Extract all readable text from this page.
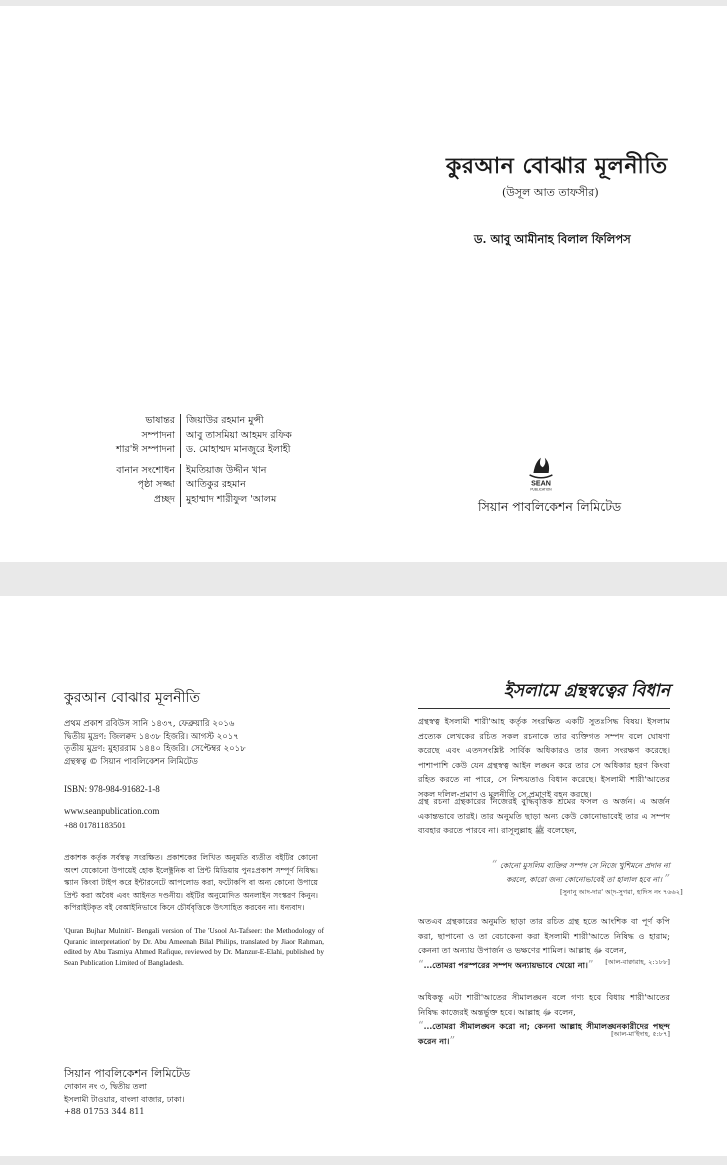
কুরআন বোঝার মূলনীতি
(উসূল আত তাফসীর)
ড. আবু আমীনাহ বিলাল ফিলিপস
ভাষান্তর	জিয়াউর রহমান মুন্সী
সম্পাদনা	আবু তাসমিয়া আহমদ রফিক
শার'ঈ সম্পাদনা	ড. মোহাম্মদ মানজুরে ইলাহী
বানান সংশোধন	ইমতিয়াজ উদ্দীন খান
পৃষ্ঠা সজ্জা	আতিকুর রহমান
প্রচ্ছদ	মুহাম্মাদ শারীফুল 'আলম
SEAN
PUBLICATION
সিয়ান পাবলিকেশন লিমিটেড
কুরআন বোঝার মূলনীতি
প্রথম প্রকাশ রবিউস সানি ১৪৩৭, ফেব্রুয়ারি ২০১৬
দ্বিতীয় মুদ্রণ: জিলক্বদ ১৪৩৮ হিজরি। আগস্ট ২০১৭
তৃতীয় মুদ্রণ: মুহাররাম ১৪৪০ হিজরি। সেপ্টেম্বর ২০১৮
গ্রন্থস্বত্ব © সিয়ান পাবলিকেশন লিমিটেড
ISBN: 978-984-91682-1-8
www.seanpublication.com
+88 01781183501
প্রকাশক কর্তৃক সর্বস্বত্ব সংরক্ষিত। প্রকাশকের লিখিত অনুমতি ব্যতীত বইটির কোনো অংশ যেকোনো উপায়েই হোক ইলেক্ট্রনিক বা প্রিন্ট মিডিয়ায় পুনঃপ্রকাশ সম্পূর্ণ নিষিদ্ধ। স্ক্যান কিংবা টাইপ করে ইন্টারনেটে আপলোড করা, ফটোকপি বা অন্য কোনো উপায়ে প্রিন্ট করা অবৈধ এবং আইনত দণ্ডনীয়। বইটির অনুমোদিত অনলাইন সংস্করণ কিনুন। কপিরাইটকৃত বই বেআইনিভাবে কিনে চৌর্যবৃত্তিকে উৎসাহিত করবেন না। ধন্যবাদ।
'Quran Bujhar Mulniti'- Bengali version of The 'Usool At-Tafseer: the Methodology of Quranic interpretation' by Dr. Abu Ameenah Bilal Philips, translated by Jiaor Rahman, edited by Abu Tasmiya Ahmed Rafique, reviewed by Dr. Manzur-E-Elahi, published by Sean Publication Limited of Bangladesh.
সিয়ান পাবলিকেশন লিমিটেড
দোকান নং ৩, দ্বিতীয় তলা
ইসলামী টাওয়ার, বাংলা বাজার, ঢাকা।
+88 01753 344 811
ইসলামে গ্রন্থস্বত্বের বিধান
গ্রন্থস্বত্ব ইসলামী শারী'আহ কর্তৃক সংরক্ষিত একটি সুতঃসিদ্ধ বিষয়। ইসলাম প্রত্যেক লেখকের রচিত সকল রচনাকে তার ব্যক্তিগত সম্পদ বলে ঘোষণা করেছে এবং এতদসংশ্লিষ্ট সার্বিক অধিকারও তার জন্য সংরক্ষণ করেছে। পাশাপাশি কেউ যেন গ্রন্থস্বত্ব আইন লঙ্ঘন করে তার সে অধিকার হরণ কিংবা রহিত করতে না পারে, সে নিশ্চয়তাও বিধান করেছে। ইসলামী শারী'আতের সকল দলিল-প্রমাণ ও মূলনীতি সে প্রমাণই বহন করছে।
গ্রন্থ রচনা গ্রন্থকারের নিজেরই বুদ্ধিবৃত্তিক শ্রমের ফসল ও অর্জন। এ অর্জন একান্তভাবে তারই। তার অনুমতি ছাড়া অন্য কেউ কোনোভাবেই তার এ সম্পদ ব্যবহার করতে পারবে না। রাসূলুল্লাহ ﷺ বলেছেন,
“ কোনো মুসলিম ব্যক্তির সম্পদ সে নিজে খুশিমনে প্রদান না করলে, কারো জন্য কোনোভাবেই তা হালাল হবে না। ”
[সুনানু আদ-দার' আ্দ-সুগরা, হাদিস নং ৭৬৬২]
অতএব গ্রন্থকারের অনুমতি ছাড়া তার রচিত গ্রন্থ হতে আংশিক বা পূর্ণ কপি করা, ছাপানো ও তা বেচাকেনা করা ইসলামী শারী'আতে নিষিদ্ধ ও হারাম; কেননা তা অন্যায় উপার্জন ও ভক্ষণের শামিল। আল্লাহ ﷻ বলেন,
“...তোমরা পরস্পরের সম্পদ অন্যায়ভাবে খেয়ো না।”	[আল-বাক্বারাহ, ২:১৮৮]
অধিকন্তু এটা শারী'আতের সীমালঙ্ঘন বলে গণ্য হবে বিধায় শারী'আতের নিষিদ্ধ কাজেরই অন্তর্ভুক্ত হবে। আল্লাহ ﷻ বলেন,
“...তোমরা সীমালঙ্ঘন করো না; কেননা আল্লাহ সীমালঙ্ঘনকারীদের পছন্দ করেন না।”	[আল-মা'ইদাহ, ৫:৮৭]
